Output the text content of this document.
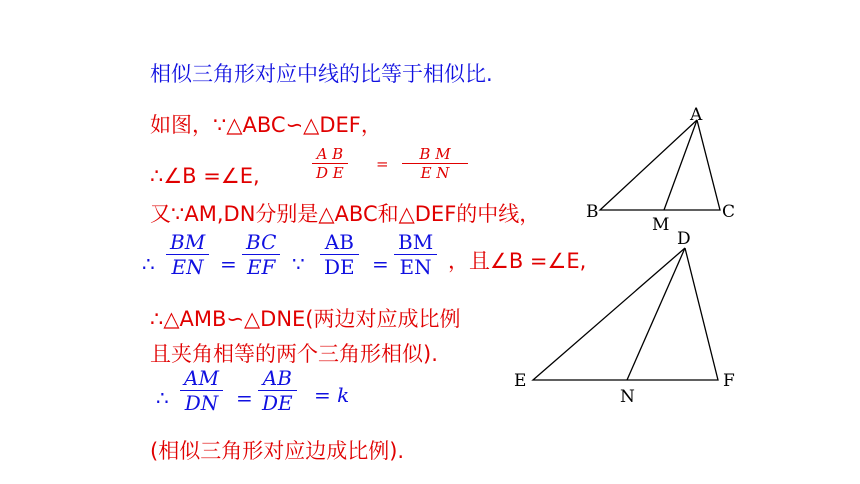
相似三角形对应中线的比等于相似比.
如图，∵△ABC∽△DEF，
∴∠B =∠E,
A B
D E =
B M
E N
又∵AM,DN分别是△ABC和△DEF的中线，
∴
BM
EN =
BC
EF ∵
AB
DE =
BM
EN ，且∠B =∠E,
∴△AMB∽△DNE(两边对应成比例
且夹角相等的两个三角形相似).
∴
AM
DN =
AB
DE = k
(相似三角形对应边成比例).
A
B	C
M
D
E	F
N
